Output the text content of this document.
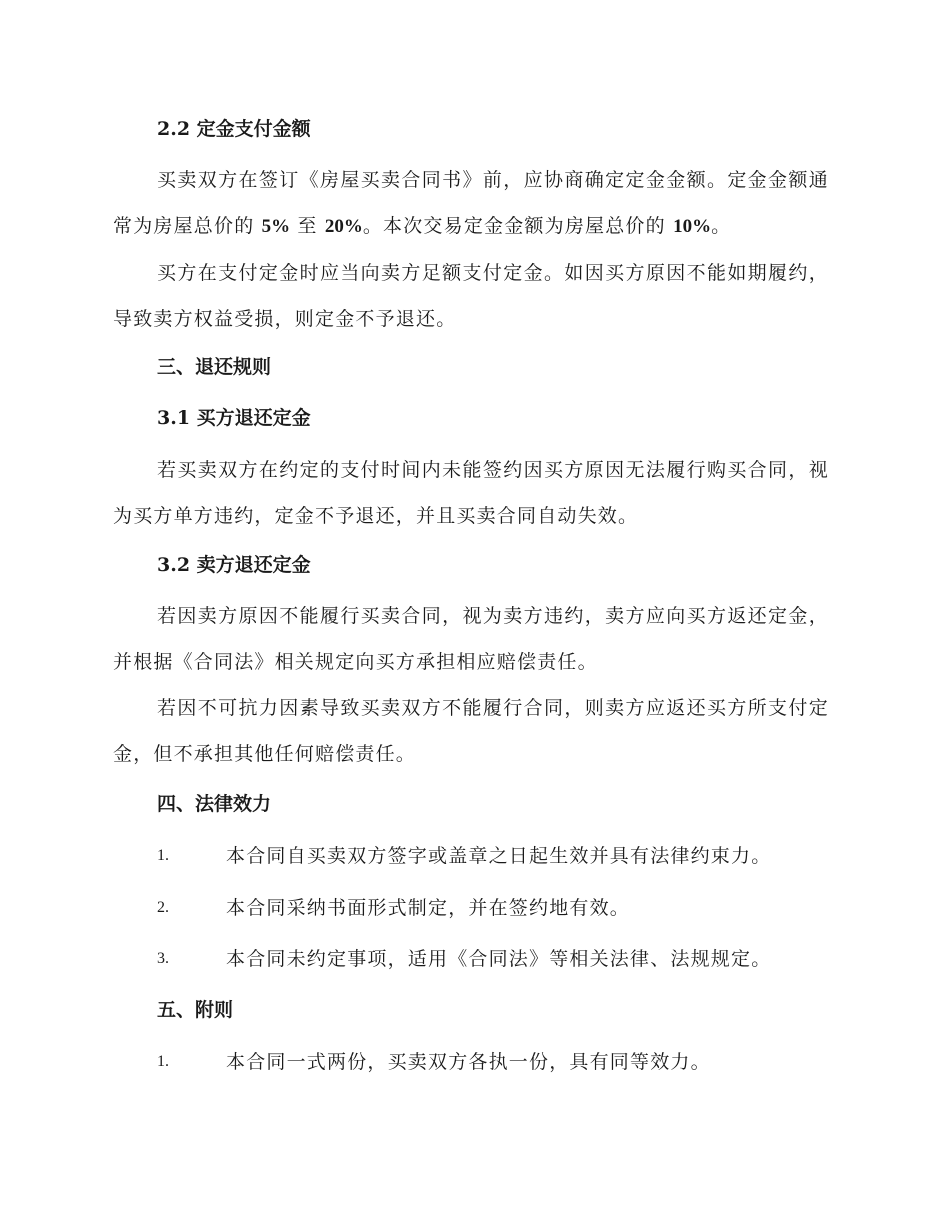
2.2 定金支付金额
买卖双方在签订《房屋买卖合同书》前，应协商确定定金金额。定金金额通常为房屋总价的 5% 至 20%。本次交易定金金额为房屋总价的 10%。
买方在支付定金时应当向卖方足额支付定金。如因买方原因不能如期履约，导致卖方权益受损，则定金不予退还。
三、退还规则
3.1 买方退还定金
若买卖双方在约定的支付时间内未能签约因买方原因无法履行购买合同，视为买方单方违约，定金不予退还，并且买卖合同自动失效。
3.2 卖方退还定金
若因卖方原因不能履行买卖合同，视为卖方违约，卖方应向买方返还定金，并根据《合同法》相关规定向买方承担相应赔偿责任。
若因不可抗力因素导致买卖双方不能履行合同，则卖方应返还买方所支付定金，但不承担其他任何赔偿责任。
四、法律效力
1.	本合同自买卖双方签字或盖章之日起生效并具有法律约束力。
2.	本合同采纳书面形式制定，并在签约地有效。
3.	本合同未约定事项，适用《合同法》等相关法律、法规规定。
五、附则
1.	本合同一式两份，买卖双方各执一份，具有同等效力。
